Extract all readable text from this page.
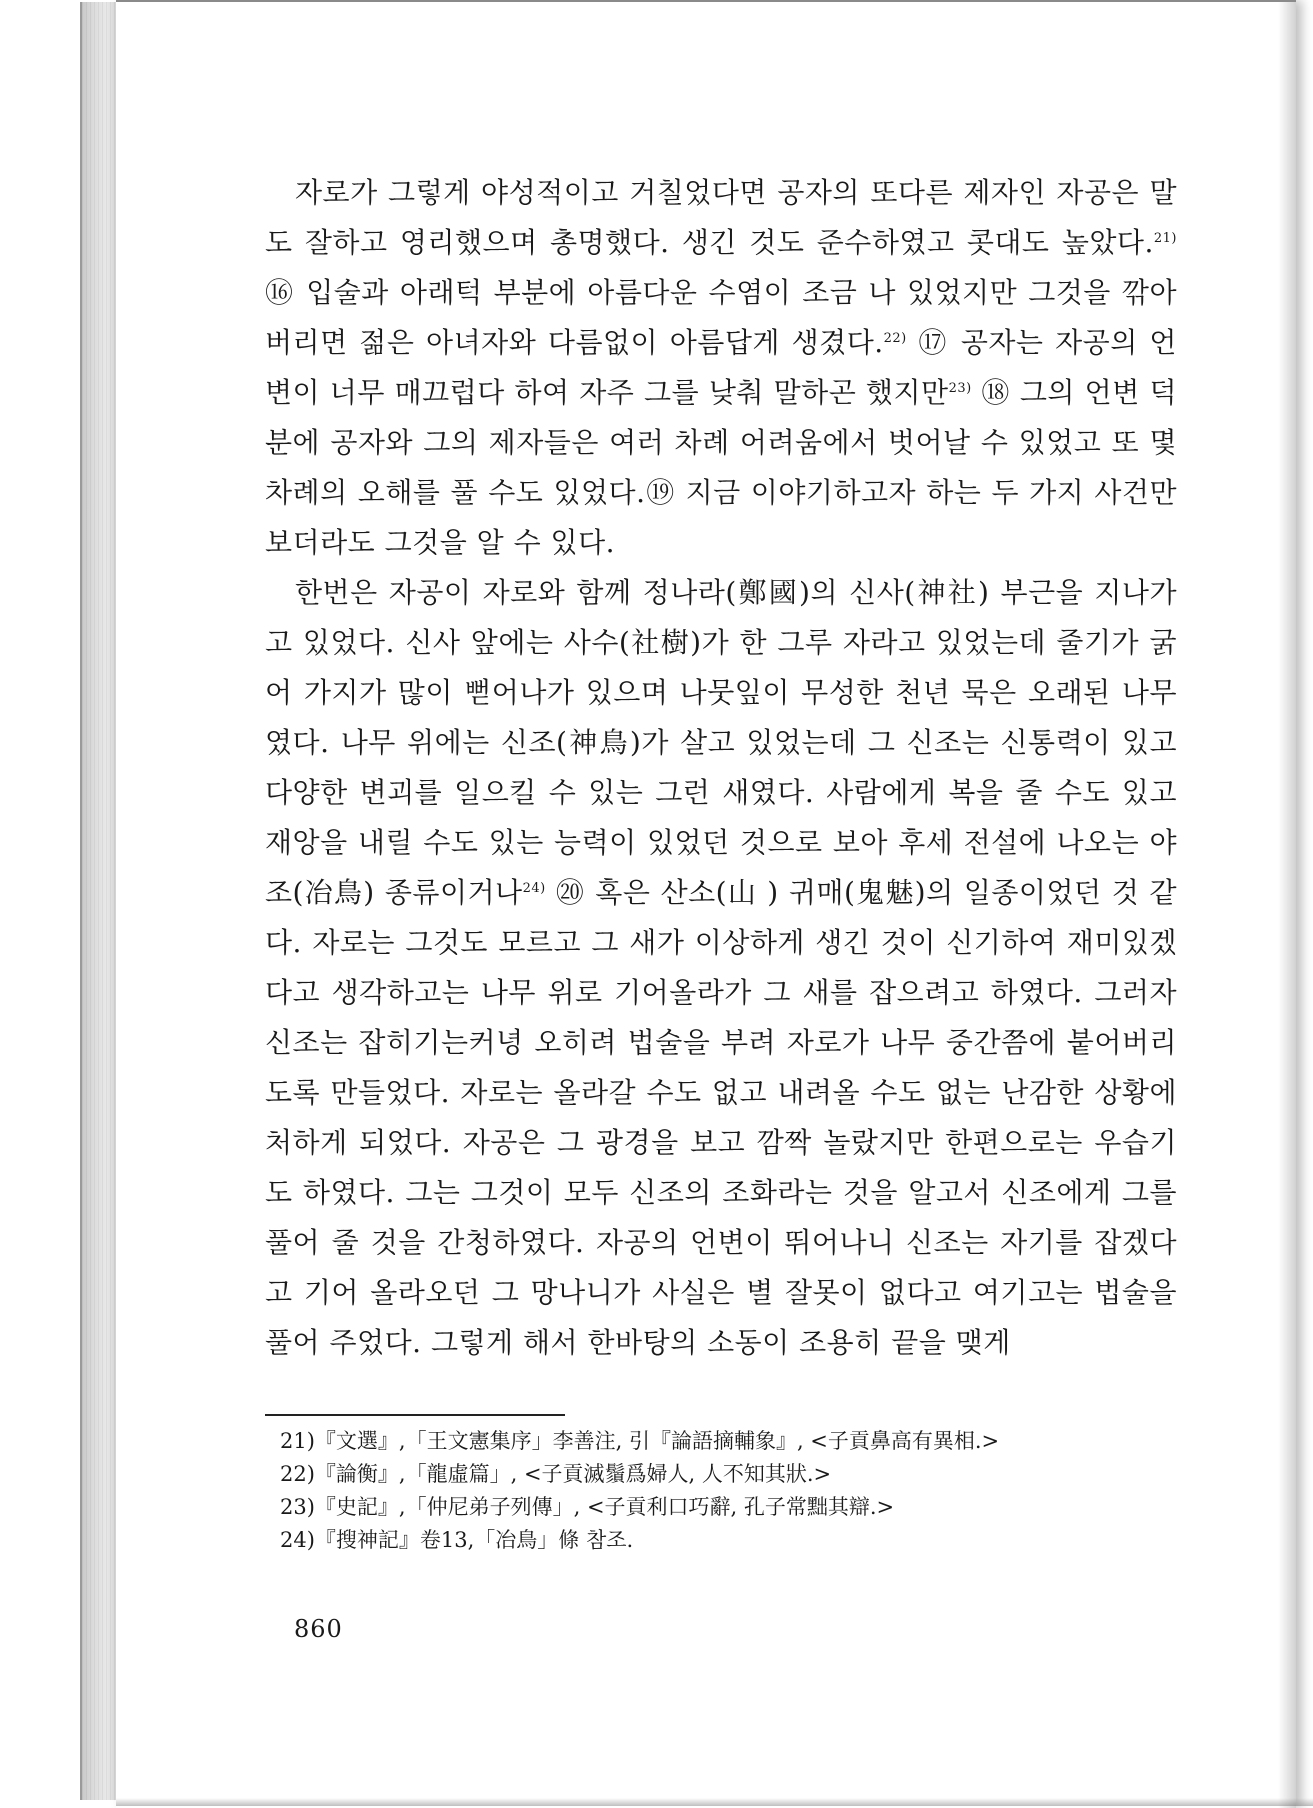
자로가 그렇게 야성적이고 거칠었다면 공자의 또다른 제자인 자공은 말도 잘하고 영리했으며 총명했다. 생긴 것도 준수하였고 콧대도 높았다.$^{21)}$ ⑯ 입술과 아래턱 부분에 아름다운 수염이 조금 나 있었지만 그것을 깎아버리면 젊은 아녀자와 다름없이 아름답게 생겼다.$^{22)}$ ⑰ 공자는 자공의 언변이 너무 매끄럽다 하여 자주 그를 낮춰 말하곤 했지만$^{23)}$ ⑱ 그의 언변 덕분에 공자와 그의 제자들은 여러 차례 어려움에서 벗어날 수 있었고 또 몇 차례의 오해를 풀 수도 있었다.⑲ 지금 이야기하고자 하는 두 가지 사건만 보더라도 그것을 알 수 있다.

한번은 자공이 자로와 함께 정나라(鄭國)의 신사(神社) 부근을 지나가고 있었다. 신사 앞에는 사수(社樹)가 한 그루 자라고 있었는데 줄기가 굵어 가지가 많이 뻗어나가 있으며 나뭇잎이 무성한 천년 묵은 오래된 나무였다. 나무 위에는 신조(神鳥)가 살고 있었는데 그 신조는 신통력이 있고 다양한 변괴를 일으킬 수 있는 그런 새였다. 사람에게 복을 줄 수도 있고 재앙을 내릴 수도 있는 능력이 있었던 것으로 보아 후세 전설에 나오는 야조(冶鳥) 종류이거나$^{24)}$ ⑳ 혹은 산소(山 ) 귀매(鬼魅)의 일종이었던 것 같다. 자로는 그것도 모르고 그 새가 이상하게 생긴 것이 신기하여 재미있겠다고 생각하고는 나무 위로 기어올라가 그 새를 잡으려고 하였다. 그러자 신조는 잡히기는커녕 오히려 법술을 부려 자로가 나무 중간쯤에 붙어버리도록 만들었다. 자로는 올라갈 수도 없고 내려올 수도 없는 난감한 상황에 처하게 되었다. 자공은 그 광경을 보고 깜짝 놀랐지만 한편으로는 우습기도 하였다. 그는 그것이 모두 신조의 조화라는 것을 알고서 신조에게 그를 풀어 줄 것을 간청하였다. 자공의 언변이 뛰어나니 신조는 자기를 잡겠다고 기어 올라오던 그 망나니가 사실은 별 잘못이 없다고 여기고는 법술을 풀어 주었다. 그렇게 해서 한바탕의 소동이 조용히 끝을 맺게

21)『文選』,「王文憲集序」李善注, 引『論語摘輔象』, <子貢鼻高有異相.>
22)『論衡』,「龍虛篇」, <子貢滅鬚爲婦人, 人不知其狀.>
23)『史記』,「仲尼弟子列傳」, <子貢利口巧辭, 孔子常黜其辯.>
24)『搜神記』卷13,「冶鳥」條 참조.
860
